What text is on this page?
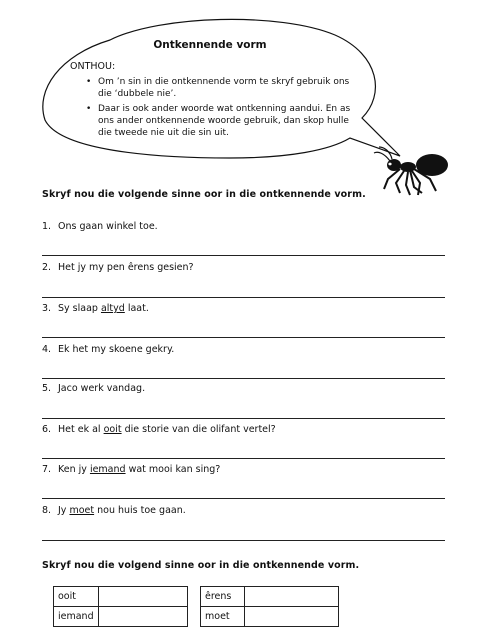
Ontkennende vorm
ONTHOU:
• Om ’n sin in die ontkennende vorm te skryf gebruik ons die ‘dubbele nie’.
• Daar is ook ander woorde wat ontkenning aandui. En as ons ander ontkennende woorde gebruik, dan skop hulle die tweede nie uit die sin uit.
Skryf nou die volgende sinne oor in die ontkennende vorm.
1. Ons gaan winkel toe.
2. Het jy my pen êrens gesien?
3. Sy slaap altyd laat.
4. Ek het my skoene gekry.
5. Jaco werk vandag.
6. Het ek al ooit die storie van die olifant vertel?
7. Ken jy iemand wat mooi kan sing?
8. Jy moet nou huis toe gaan.
Skryf nou die volgend sinne oor in die ontkennende vorm.
ooit	
iemand	
êrens	
moet	
